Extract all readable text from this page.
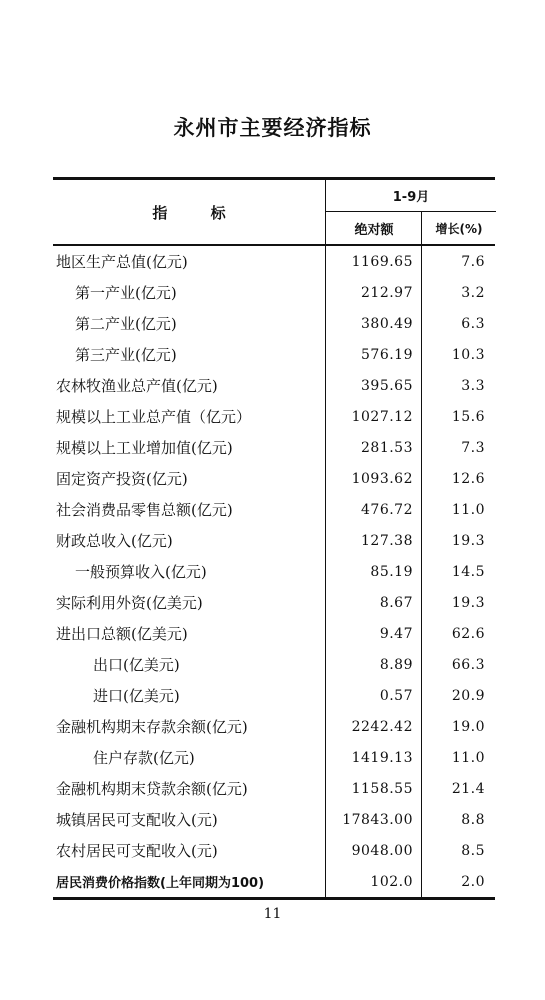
永州市主要经济指标
指 标
1-9月
绝对额	增长(%)
地区生产总值(亿元)	1169.65	7.6
第一产业(亿元)	212.97	3.2
第二产业(亿元)	380.49	6.3
第三产业(亿元)	576.19	10.3
农林牧渔业总产值(亿元)	395.65	3.3
规模以上工业总产值（亿元）	1027.12	15.6
规模以上工业增加值(亿元)	281.53	7.3
固定资产投资(亿元)	1093.62	12.6
社会消费品零售总额(亿元)	476.72	11.0
财政总收入(亿元)	127.38	19.3
一般预算收入(亿元)	85.19	14.5
实际利用外资(亿美元)	8.67	19.3
进出口总额(亿美元)	9.47	62.6
出口(亿美元)	8.89	66.3
进口(亿美元)	0.57	20.9
金融机构期末存款余额(亿元)	2242.42	19.0
住户存款(亿元)	1419.13	11.0
金融机构期末贷款余额(亿元)	1158.55	21.4
城镇居民可支配收入(元)	17843.00	8.8
农村居民可支配收入(元)	9048.00	8.5
居民消费价格指数(上年同期为100)	102.0	2.0
11
